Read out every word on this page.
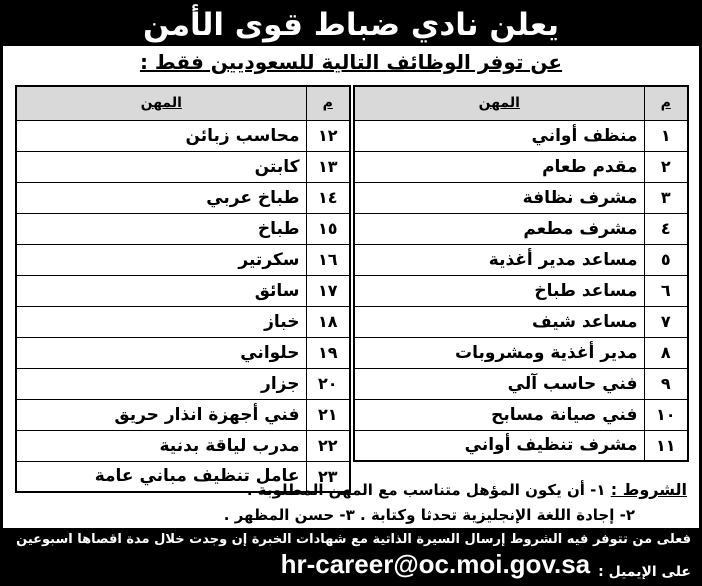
يعلن نادي ضباط قوى الأمن
عن توفر الوظائف التالية للسعوديين فقط :
م	المهن
١	منظف أواني
٢	مقدم طعام
٣	مشرف نظافة
٤	مشرف مطعم
٥	مساعد مدير أغذية
٦	مساعد طباخ
٧	مساعد شيف
٨	مدير أغذية ومشروبات
٩	فني حاسب آلي
١٠	فني صيانة مسابح
١١	مشرف تنظيف أواني
م	المهن
١٢	محاسب زبائن
١٣	كابتن
١٤	طباخ عربي
١٥	طباخ
١٦	سكرتير
١٧	سائق
١٨	خباز
١٩	حلواني
٢٠	جزار
٢١	فني أجهزة انذار حريق
٢٢	مدرب لياقة بدنية
٢٣	عامل تنظيف مباني عامة
الشروط : ١- أن يكون المؤهل متناسب مع المهن المطلوبة .
٢- إجادة اللغة الإنجليزية تحدثا وكتابة . ٣- حسن المظهر .
فعلى من تتوفر فيه الشروط إرسال السيرة الذاتية مع شهادات الخبرة إن وجدت خلال مدة اقصاها اسبوعين
على الإيميل :
hr-career@oc.moi.gov.sa
